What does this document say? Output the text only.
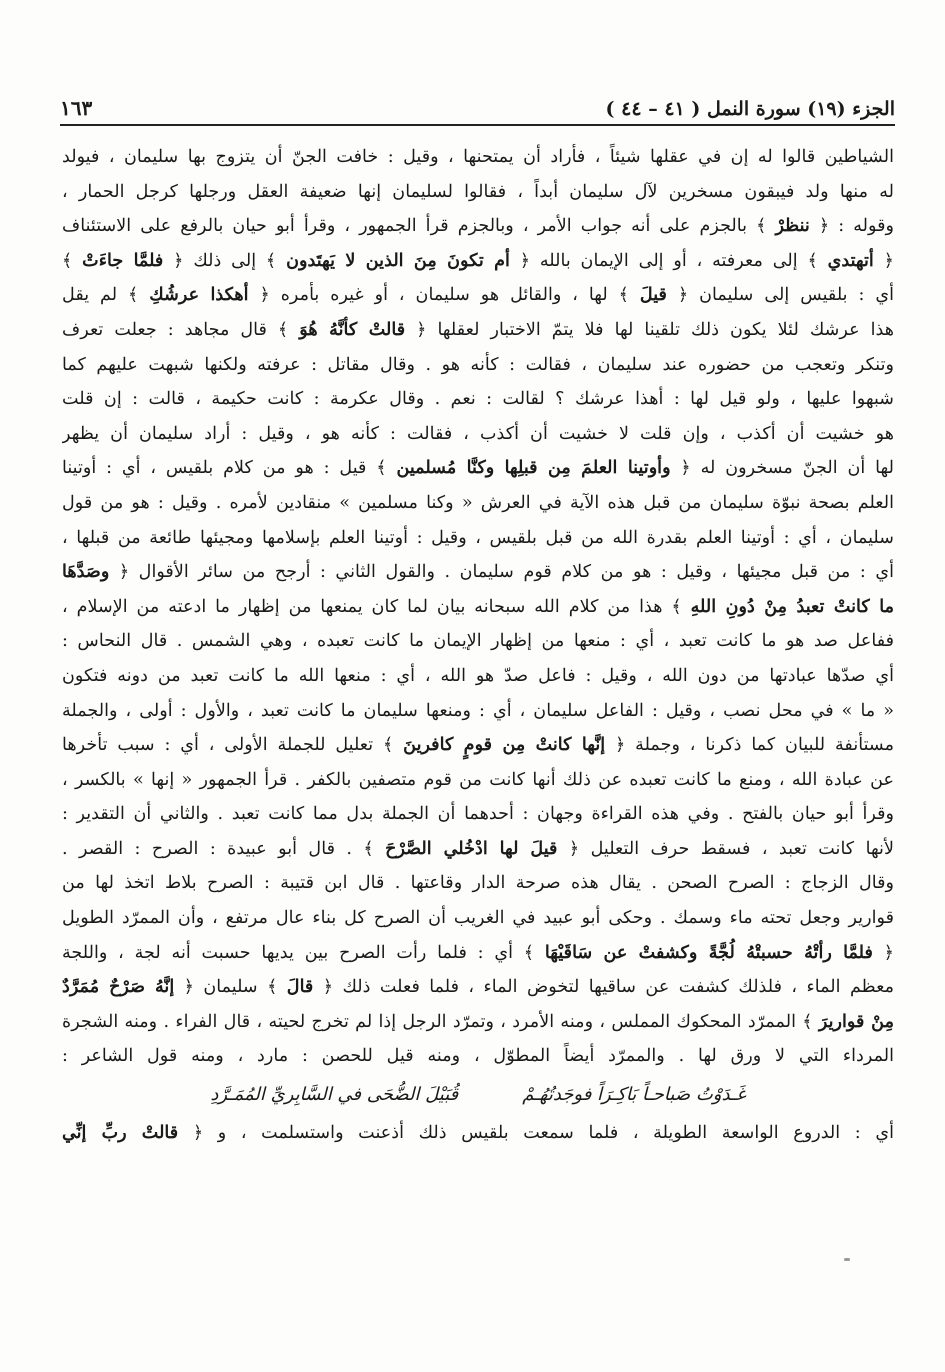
الجزء (١٩) سورة النمل ( ٤١ – ٤٤ )
١٦٣
الشياطين قالوا له إن في عقلها شيئاً ، فأراد أن يمتحنها ، وقيل : خافت الجنّ أن يتزوج بها سليمان ، فيولد
له منها ولد فيبقون مسخرين لآل سليمان أبداً ، فقالوا لسليمان إنها ضعيفة العقل ورجلها كرجل الحمار ،
وقوله : ﴿ ننظرْ ﴾ بالجزم على أنه جواب الأمر ، وبالجزم قرأ الجمهور ، وقرأ أبو حيان بالرفع على الاستئناف
﴿ أتهتدي ﴾ إلى معرفته ، أو إلى الإيمان بالله ﴿ أم تكونَ مِنَ الذين لا يَهتَدون ﴾ إلى ذلك ﴿ فلمَّا جاءَتْ ﴾
أي : بلقيس إلى سليمان ﴿ قيلَ ﴾ لها ، والقائل هو سليمان ، أو غيره بأمره ﴿ أهكذا عرشُكِ ﴾ لم يقل
هذا عرشك لئلا يكون ذلك تلقينا لها فلا يتمّ الاختبار لعقلها ﴿ قالتْ كأنَّهُ هُوَ ﴾ قال مجاهد : جعلت تعرف
وتنكر وتعجب من حضوره عند سليمان ، فقالت : كأنه هو . وقال مقاتل : عرفته ولكنها شبهت عليهم كما
شبهوا عليها ، ولو قيل لها : أهذا عرشك ؟ لقالت : نعم . وقال عكرمة : كانت حكيمة ، قالت : إن قلت
هو خشيت أن أكذب ، وإن قلت لا خشيت أن أكذب ، فقالت : كأنه هو ، وقيل : أراد سليمان أن يظهر
لها أن الجنّ مسخرون له ﴿ وأوتينا العلمَ مِن قبلِها وكنَّا مُسلمين ﴾ قيل : هو من كلام بلقيس ، أي : أوتينا
العلم بصحة نبوّة سليمان من قبل هذه الآية في العرش « وكنا مسلمين » منقادين لأمره . وقيل : هو من قول
سليمان ، أي : أوتينا العلم بقدرة الله من قبل بلقيس ، وقيل : أوتينا العلم بإسلامها ومجيئها طائعة من قبلها ،
أي : من قبل مجيئها ، وقيل : هو من كلام قوم سليمان . والقول الثاني : أرجح من سائر الأقوال ﴿ وصَدَّهَا
ما كانتْ تعبدُ مِنْ دُونِ اللهِ ﴾ هذا من كلام الله سبحانه بيان لما كان يمنعها من إظهار ما ادعته من الإسلام ،
ففاعل صد هو ما كانت تعبد ، أي : منعها من إظهار الإيمان ما كانت تعبده ، وهي الشمس . قال النحاس :
أي صدّها عبادتها من دون الله ، وقيل : فاعل صدّ هو الله ، أي : منعها الله ما كانت تعبد من دونه فتكون
« ما » في محل نصب ، وقيل : الفاعل سليمان ، أي : ومنعها سليمان ما كانت تعبد ، والأول : أولى ، والجملة
مستأنفة للبيان كما ذكرنا ، وجملة ﴿ إنَّها كانتْ مِن قومٍ كافرينَ ﴾ تعليل للجملة الأولى ، أي : سبب تأخرها
عن عبادة الله ، ومنع ما كانت تعبده عن ذلك أنها كانت من قوم متصفين بالكفر . قرأ الجمهور « إنها » بالكسر ،
وقرأ أبو حيان بالفتح . وفي هذه القراءة وجهان : أحدهما أن الجملة بدل مما كانت تعبد . والثاني أن التقدير :
لأنها كانت تعبد ، فسقط حرف التعليل ﴿ قيلَ لها ادْخُلي الصَّرْحَ ﴾ . قال أبو عبيدة : الصرح : القصر .
وقال الزجاج : الصرح الصحن . يقال هذه صرحة الدار وقاعتها . قال ابن قتيبة : الصرح بلاط اتخذ لها من
قوارير وجعل تحته ماء وسمك . وحكى أبو عبيد في الغريب أن الصرح كل بناء عال مرتفع ، وأن الممرّد الطويل
﴿ فلمَّا رأتْهُ حسبتْهُ لُجَّةً وكشفتْ عن سَاقَيْهَا ﴾ أي : فلما رأت الصرح بين يديها حسبت أنه لجة ، واللجة
معظم الماء ، فلذلك كشفت عن ساقيها لتخوض الماء ، فلما فعلت ذلك ﴿ قالَ ﴾ سليمان ﴿ إنَّهُ صَرْحٌ مُمَرَّدٌ
مِنْ قواريرَ ﴾ الممرّد المحكوك المملس ، ومنه الأمرد ، وتمرّد الرجل إذا لم تخرج لحيته ، قال الفراء . ومنه الشجرة
المرداء التي لا ورق لها . والممرّد أيضاً المطوّل ، ومنه قيل للحصن : مارد ، ومنه قول الشاعر :
غَـدَوْتُ صَباحـاً بَاكِـرَاً فوجَدتُهُـمْ
قُبَيْلَ الضُّحَى في السَّابِريِّ المُمَـرَّدِ
أي : الدروع الواسعة الطويلة ، فلما سمعت بلقيس ذلك أذعنت واستسلمت ، و ﴿ قالتْ ربِّ إنِّي
